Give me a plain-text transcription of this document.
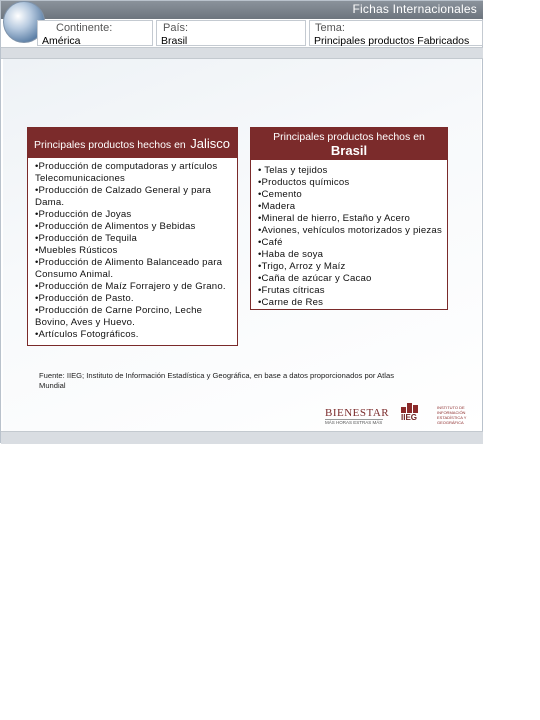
Fichas Internacionales
Continente:
América
País:
Brasil
Tema:
Principales productos Fabricados
Principales productos hechos en Jalisco
•Producción de computadoras y artículos Telecomunicaciones
•Producción de Calzado General y para Dama.
•Producción de Joyas
•Producción de Alimentos y Bebidas
•Producción de Tequila
•Muebles Rústicos
•Producción de Alimento Balanceado para Consumo Animal.
•Producción de Maíz Forrajero y de Grano.
•Producción de Pasto.
•Producción de Carne Porcino, Leche Bovino, Aves y Huevo.
•Artículos Fotográficos.
Principales productos hechos en
Brasil
• Telas y tejidos
•Productos químicos
•Cemento
•Madera
•Mineral de hierro, Estaño y Acero
•Aviones, vehículos motorizados y piezas
•Café
•Haba de soya
•Trigo, Arroz y Maíz
•Caña de azúcar y Cacao
•Frutas cítricas
•Carne de Res
Fuente: IIEG; Instituto de Información Estadística y Geográfica, en base a datos proporcionados por Atlas Mundial
BIENESTAR
MÁS HORAS ESTRAS MÁS
IIEG
INSTITUTO DE INFORMACIÓN ESTADÍSTICA Y GEOGRÁFICA
